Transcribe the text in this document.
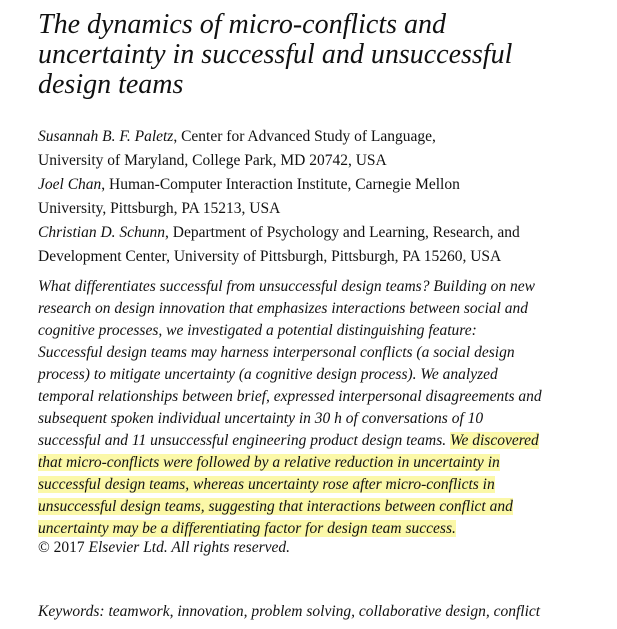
The dynamics of micro-conflicts and
uncertainty in successful and unsuccessful
design teams
Susannah B. F. Paletz, Center for Advanced Study of Language,
University of Maryland, College Park, MD 20742, USA
Joel Chan, Human-Computer Interaction Institute, Carnegie Mellon
University, Pittsburgh, PA 15213, USA
Christian D. Schunn, Department of Psychology and Learning, Research, and
Development Center, University of Pittsburgh, Pittsburgh, PA 15260, USA
What differentiates successful from unsuccessful design teams? Building on new
research on design innovation that emphasizes interactions between social and
cognitive processes, we investigated a potential distinguishing feature:
Successful design teams may harness interpersonal conflicts (a social design
process) to mitigate uncertainty (a cognitive design process). We analyzed
temporal relationships between brief, expressed interpersonal disagreements and
subsequent spoken individual uncertainty in 30 h of conversations of 10
successful and 11 unsuccessful engineering product design teams. We discovered
that micro-conflicts were followed by a relative reduction in uncertainty in
successful design teams, whereas uncertainty rose after micro-conflicts in
unsuccessful design teams, suggesting that interactions between conflict and
uncertainty may be a differentiating factor for design team success.
© 2017 Elsevier Ltd. All rights reserved.
Keywords: teamwork, innovation, problem solving, collaborative design, conflict
